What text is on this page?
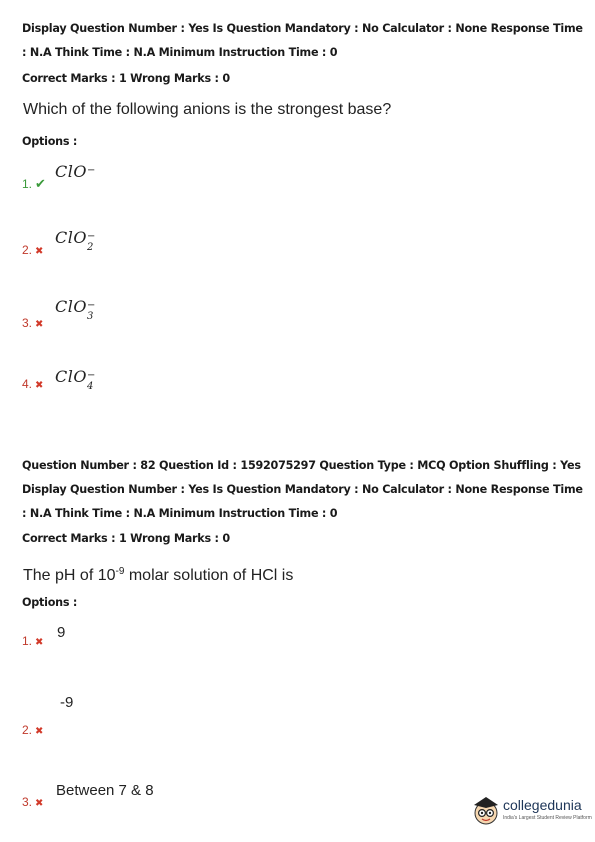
Display Question Number : Yes Is Question Mandatory : No Calculator : None Response Time
: N.A Think Time : N.A Minimum Instruction Time : 0
Correct Marks : 1 Wrong Marks : 0
Which of the following anions is the strongest base?
Options :
1. ✔
ClO −

2. ✖
ClO −
2

3. ✖
ClO −
3

4. ✖ ClO −
4

Question Number : 82 Question Id : 1592075297 Question Type : MCQ Option Shuffling : Yes
Display Question Number : Yes Is Question Mandatory : No Calculator : None Response Time
: N.A Think Time : N.A Minimum Instruction Time : 0
Correct Marks : 1 Wrong Marks : 0
The pH of $10^{-9}$ molar solution of HCl is
Options :
1. ✖
9
2. ✖
-9
3. ✖
Between 7 & 8
collegedunia
India's Largest Student Review Platform
